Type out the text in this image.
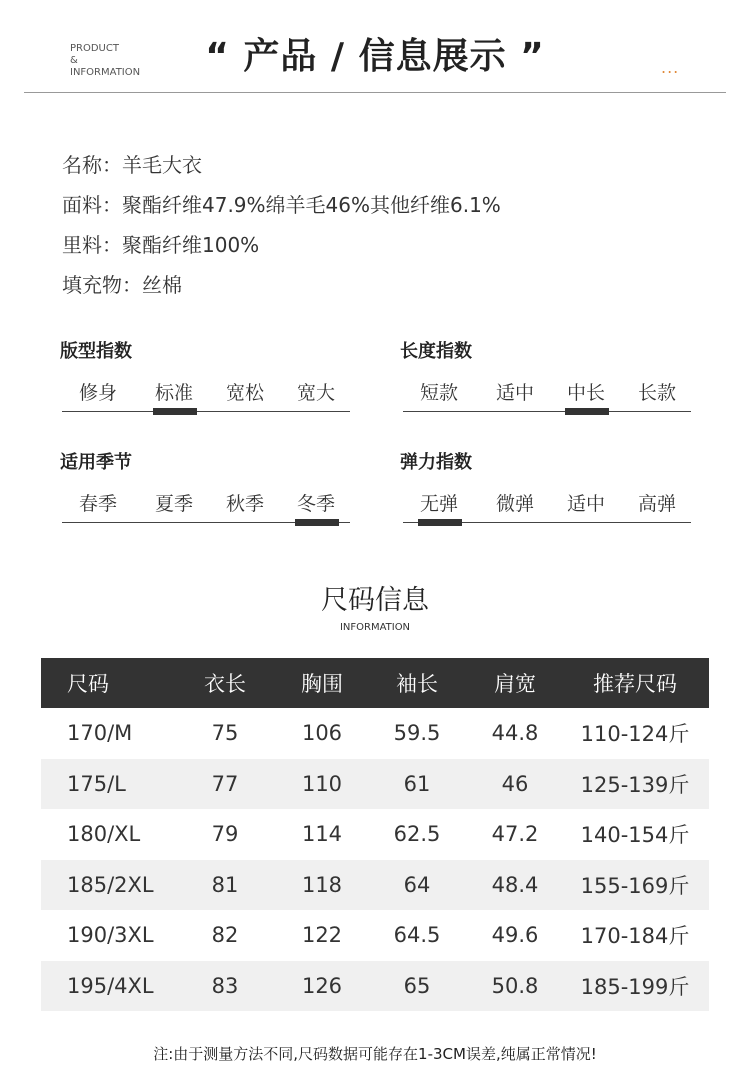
PRODUCT
&
INFORMATION	“ 产品 / 信息展示 ”	...
名称：羊毛大衣
面料：聚酯纤维47.9%绵羊毛46%其他纤维6.1%
里料：聚酯纤维100%
填充物：丝棉
版型指数
修身	标准	宽松	宽大
长度指数
短款	适中	中长	长款
适用季节
春季	夏季	秋季	冬季
弹力指数
无弹	微弹	适中	高弹
尺码信息
INFORMATION
尺码	衣长	胸围	袖长	肩宽	推荐尺码
170/M	75	106	59.5	44.8	110-124斤
175/L	77	110	61	46	125-139斤
180/XL	79	114	62.5	47.2	140-154斤
185/2XL	81	118	64	48.4	155-169斤
190/3XL	82	122	64.5	49.6	170-184斤
195/4XL	83	126	65	50.8	185-199斤
注:由于测量方法不同,尺码数据可能存在1-3CM误差,纯属正常情况!
